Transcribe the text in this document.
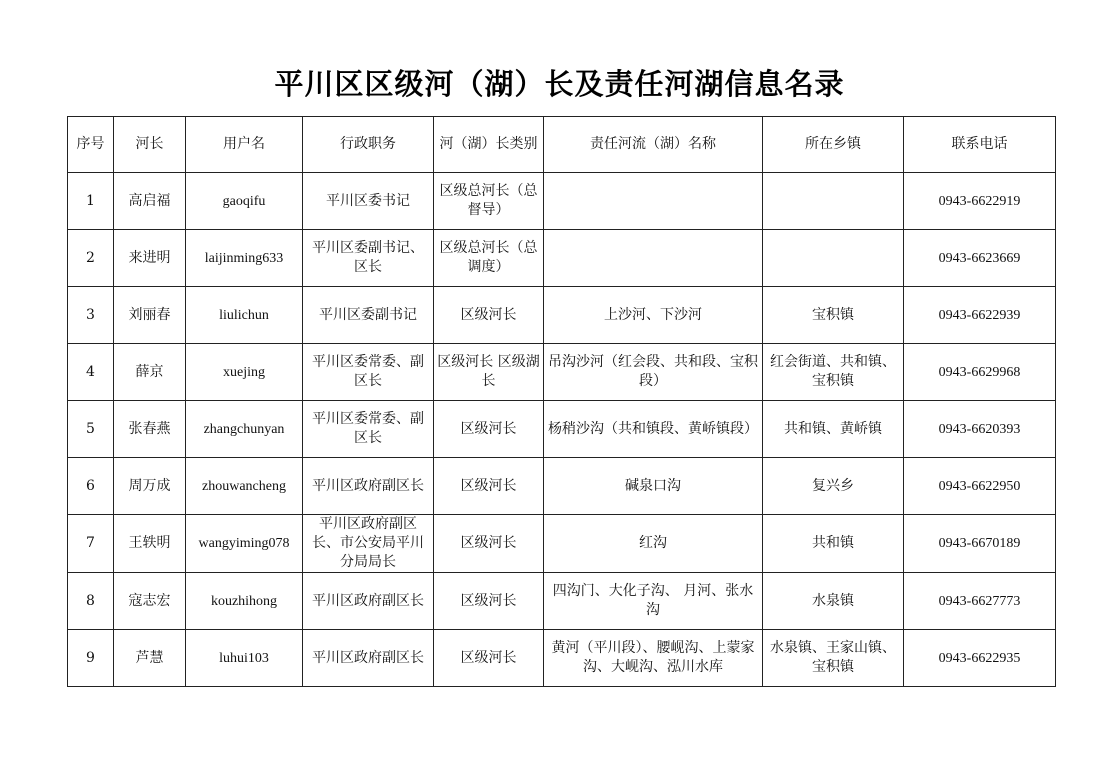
平川区区级河（湖）长及责任河湖信息名录
序号	河长	用户名	行政职务	河（湖）长类别	责任河流（湖）名称	所在乡镇	联系电话
1	高启福	gaoqifu	平川区委书记	区级总河长（总督导）			0943-6622919
2	来进明	laijinming633	平川区委副书记、区长	区级总河长（总调度）			0943-6623669
3	刘丽春	liulichun	平川区委副书记	区级河长	上沙河、下沙河	宝积镇	0943-6622939
4	薛京	xuejing	平川区委常委、副区长	区级河长 区级湖长	吊沟沙河（红会段、共和段、宝积段）	红会街道、共和镇、宝积镇	0943-6629968
5	张春燕	zhangchunyan	平川区委常委、副区长	区级河长	杨稍沙沟（共和镇段、黄峤镇段）	共和镇、黄峤镇	0943-6620393
6	周万成	zhouwancheng	平川区政府副区长	区级河长	碱泉口沟	复兴乡	0943-6622950
7	王轶明	wangyiming078	平川区政府副区长、市公安局平川分局局长	区级河长	红沟	共和镇	0943-6670189
8	寇志宏	kouzhihong	平川区政府副区长	区级河长	四沟门、大化子沟、 月河、张水沟	水泉镇	0943-6627773
9	芦慧	luhui103	平川区政府副区长	区级河长	黄河（平川段）、腰岘沟、上蒙家沟、大岘沟、泓川水库	水泉镇、王家山镇、宝积镇	0943-6622935
